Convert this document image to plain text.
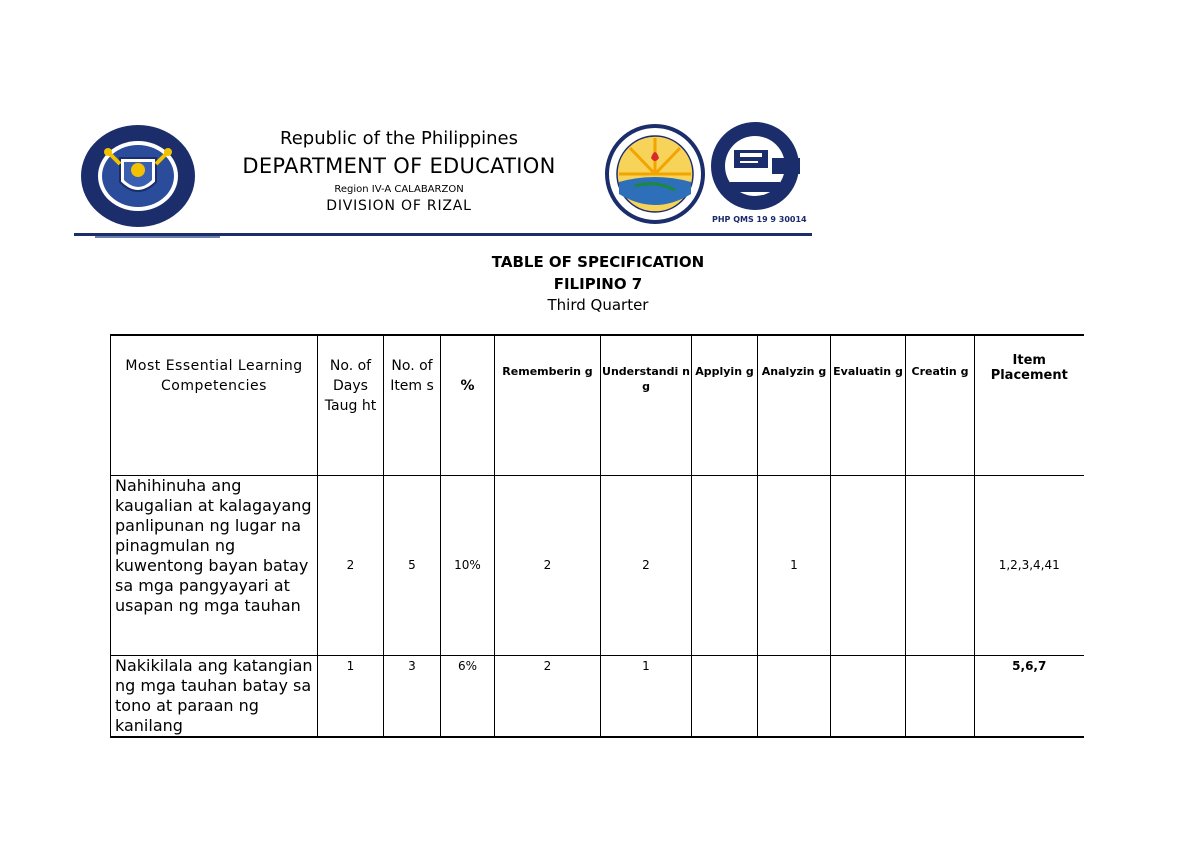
Republic of the Philippines
DEPARTMENT OF EDUCATION
Region IV-A CALABARZON
DIVISION OF RIZAL
PHP QMS 19 9 30014
TABLE OF SPECIFICATION
FILIPINO 7
Third Quarter
Most Essential Learning Competencies	No. of Days Taug ht	No. of Item s	%	Rememberin g	Understandi ng	Applyin g	Analyzin g	Evaluatin g	Creatin g	Item Placement
Nahihinuha ang kaugalian at kalagayang panlipunan ng lugar na pinagmulan ng kuwentong bayan batay sa mga pangyayari at usapan ng mga tauhan	2	5	10%	2	2		1			1,2,3,4,41
Nakikilala ang katangian ng mga tauhan batay sa tono at paraan ng kanilang	1	3	6%	2	1					5,6,7
